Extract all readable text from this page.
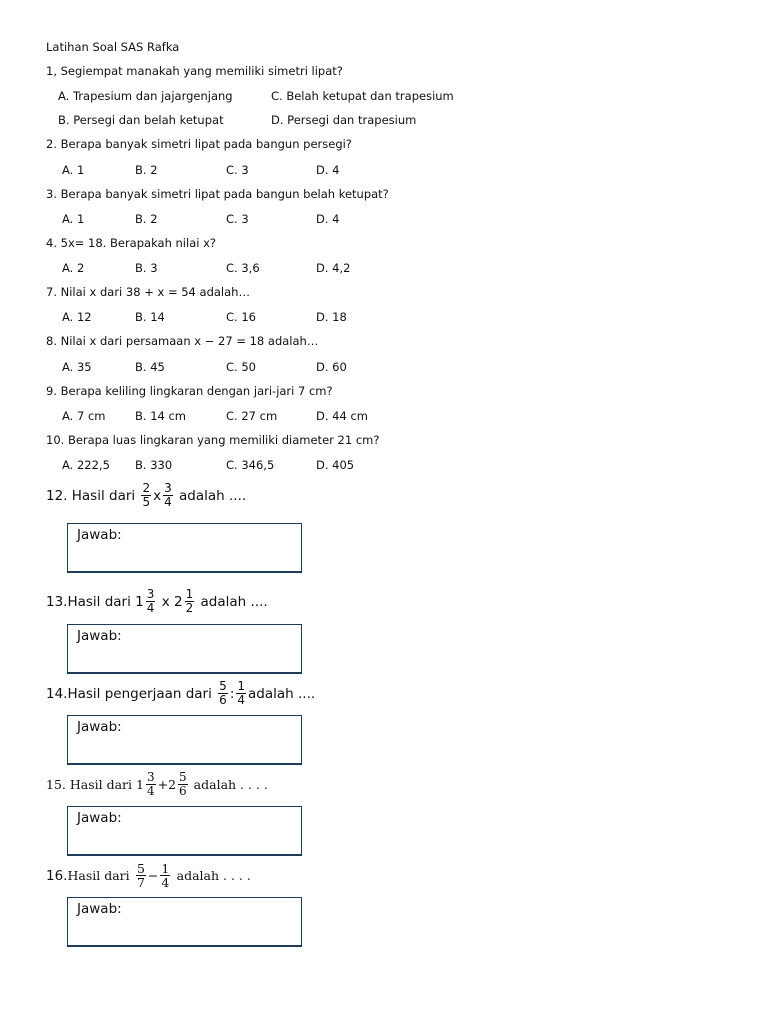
Latihan Soal SAS Rafka
1, Segiempat manakah yang memiliki simetri lipat?
A. Trapesium dan jajargenjang	C. Belah ketupat dan trapesium
B. Persegi dan belah ketupat	D. Persegi dan trapesium
2. Berapa banyak simetri lipat pada bangun persegi?
A. 1	B. 2	C. 3	D. 4
3. Berapa banyak simetri lipat pada bangun belah ketupat?
A. 1	B. 2	C. 3	D. 4
4. 5x= 18. Berapakah nilai x?
A. 2	B. 3	C. 3,6	D. 4,2
7. Nilai x dari 38 + x = 54 adalah…
A. 12	B. 14	C. 16	D. 18
8. Nilai x dari persamaan x − 27 = 18 adalah…
A. 35	B. 45	C. 50	D. 60
9. Berapa keliling lingkaran dengan jari-jari 7 cm?
A. 7 cm	B. 14 cm	C. 27 cm	D. 44 cm
10. Berapa luas lingkaran yang memiliki diameter 21 cm?
A. 222,5 B. 330	C. 346,5	D. 405
12. Hasil dari
$\frac{2}{5}$ x $\frac{3}{4}$
adalah ....
Jawab:
13.Hasil dari
$1 \frac{3}{4}$
x $2 \frac{1}{2}$
adalah ....
Jawab:
14.Hasil pengerjaan dari
$\frac{5}{6}$ : $\frac{1}{4}$ adalah ....
Jawab:
15. Hasil dari
$1 \frac{3}{4} +2 \frac{5}{6}$
adalah . . . .
Jawab:
16. Hasil dari
$\frac{5}{7} - \frac{1}{4}$
adalah . . . .
Jawab:
